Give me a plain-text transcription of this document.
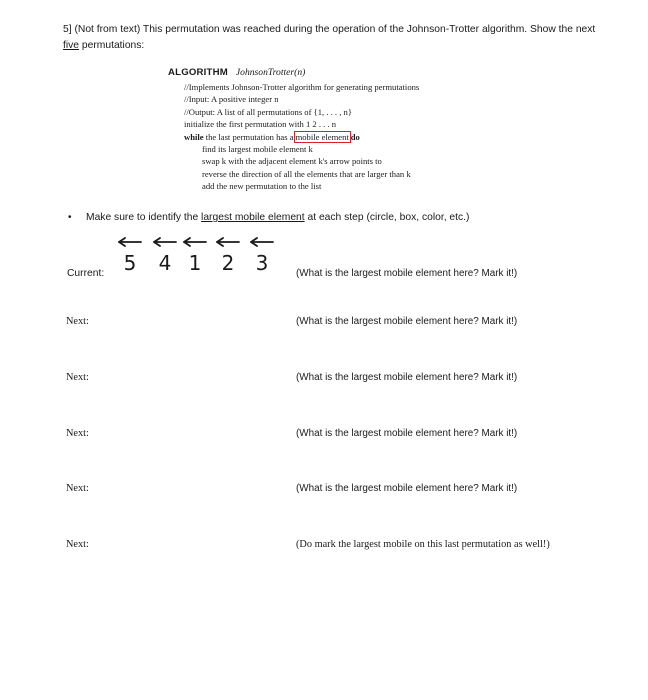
5] (Not from text) This permutation was reached during the operation of the Johnson-Trotter algorithm. Show the next five permutations:
ALGORITHM JohnsonTrotter(n)
//Implements Johnson-Trotter algorithm for generating permutations
//Input: A positive integer n
//Output: A list of all permutations of {1, . . . , n}
initialize the first permutation with 1 2 . . . n
while the last permutation has a mobile element do
find its largest mobile element k
swap k with the adjacent element k's arrow points to
reverse the direction of all the elements that are larger than k
add the new permutation to the list
• Make sure to identify the largest mobile element at each step (circle, box, color, etc.)
5 4 1 2 3
Current:	(What is the largest mobile element here? Mark it!)
Next:	(What is the largest mobile element here? Mark it!)
Next:	(What is the largest mobile element here? Mark it!)
Next:	(What is the largest mobile element here? Mark it!)
Next:	(What is the largest mobile element here? Mark it!)
Next:	(Do mark the largest mobile on this last permutation as well!)
